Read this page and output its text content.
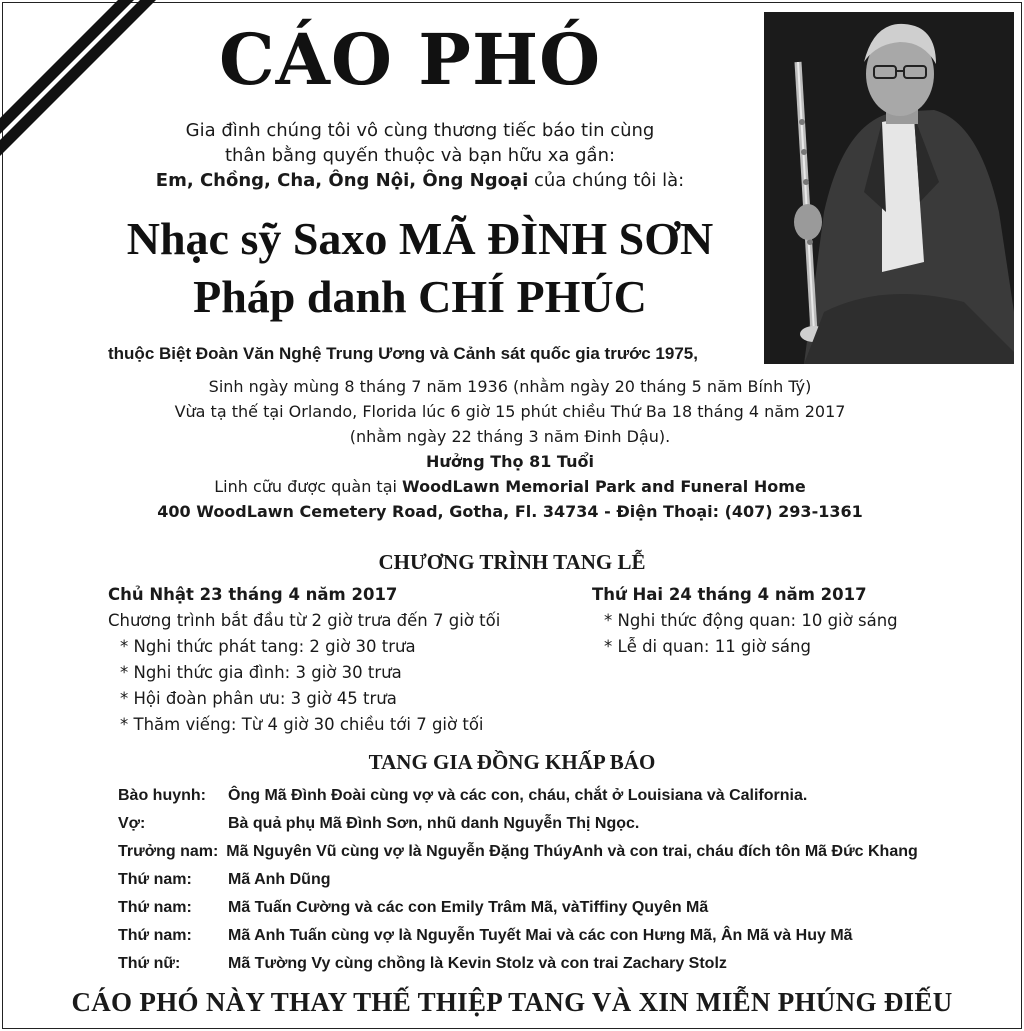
CÁO PHÓ
Gia đình chúng tôi vô cùng thương tiếc báo tin cùng
thân bằng quyến thuộc và bạn hữu xa gần:
Em, Chồng, Cha, Ông Nội, Ông Ngoại của chúng tôi là:
Nhạc sỹ Saxo MÃ ĐÌNH SƠN
Pháp danh CHÍ PHÚC
thuộc Biệt Đoàn Văn Nghệ Trung Ương và Cảnh sát quốc gia trước 1975,
Sinh ngày mùng 8 tháng 7 năm 1936 (nhằm ngày 20 tháng 5 năm Bính Tý)
Vừa tạ thế tại Orlando, Florida lúc 6 giờ 15 phút chiều Thứ Ba 18 tháng 4 năm 2017
(nhằm ngày 22 tháng 3 năm Đinh Dậu).
Hưởng Thọ 81 Tuổi
Linh cữu được quàn tại WoodLawn Memorial Park and Funeral Home
400 WoodLawn Cemetery Road, Gotha, Fl. 34734 - Điện Thoại: (407) 293-1361
CHƯƠNG TRÌNH TANG LỄ
Chủ Nhật 23 tháng 4 năm 2017
Chương trình bắt đầu từ 2 giờ trưa đến 7 giờ tối
* Nghi thức phát tang: 2 giờ 30 trưa
* Nghi thức gia đình: 3 giờ 30 trưa
* Hội đoàn phân ưu: 3 giờ 45 trưa
* Thăm viếng: Từ 4 giờ 30 chiều tới 7 giờ tối
Thứ Hai 24 tháng 4 năm 2017
* Nghi thức động quan: 10 giờ sáng
* Lễ di quan: 11 giờ sáng
TANG GIA ĐỒNG KHẤP BÁO
Bào huynh:	Ông Mã Đình Đoài cùng vợ và các con, cháu, chắt ở Louisiana và California.
Vợ:	Bà quả phụ Mã Đình Sơn, nhũ danh Nguyễn Thị Ngọc.
Trưởng nam: Mã Nguyên Vũ cùng vợ là Nguyễn Đặng ThúyAnh và con trai, cháu đích tôn Mã Đức Khang
Thứ nam:	Mã Anh Dũng
Thứ nam:	Mã Tuấn Cường và các con Emily Trâm Mã, vàTiffiny Quyên Mã
Thứ nam:	Mã Anh Tuấn cùng vợ là Nguyễn Tuyết Mai và các con Hưng Mã, Ân Mã và Huy Mã
Thứ nữ:	Mã Tường Vy cùng chồng là Kevin Stolz và con trai Zachary Stolz
CÁO PHÓ NÀY THAY THẾ THIỆP TANG VÀ XIN MIỄN PHÚNG ĐIẾU
